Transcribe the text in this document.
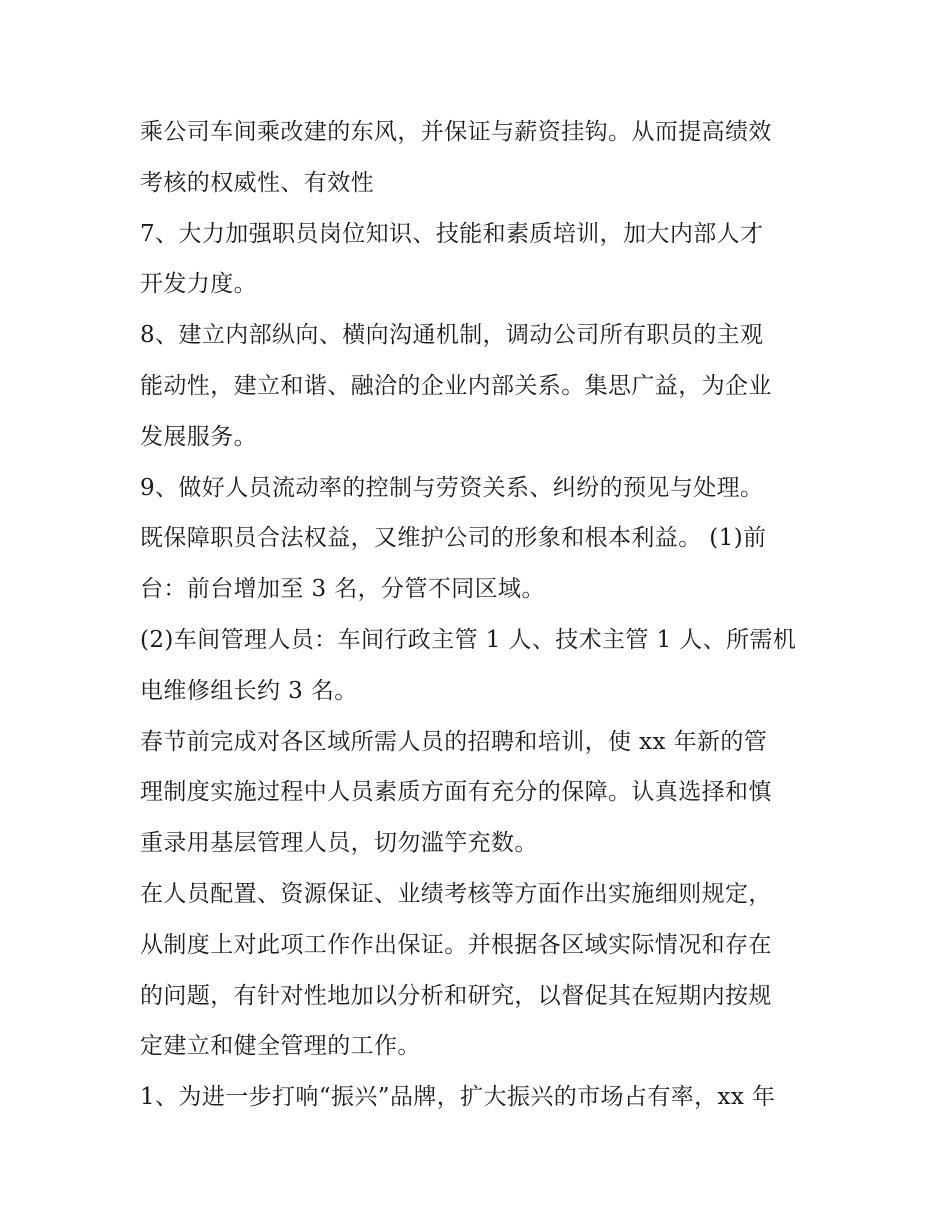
乘公司车间乘改建的东风，并保证与薪资挂钩。从而提高绩效
考核的权威性、有效性
7、大力加强职员岗位知识、技能和素质培训，加大内部人才
开发力度。
8、建立内部纵向、横向沟通机制，调动公司所有职员的主观
能动性，建立和谐、融洽的企业内部关系。集思广益，为企业
发展服务。
9、做好人员流动率的控制与劳资关系、纠纷的预见与处理。
既保障职员合法权益，又维护公司的形象和根本利益。 (1)前
台：前台增加至 3 名，分管不同区域。
(2)车间管理人员：车间行政主管 1 人、技术主管 1 人、所需机
电维修组长约 3 名。
春节前完成对各区域所需人员的招聘和培训，使 xx 年新的管
理制度实施过程中人员素质方面有充分的保障。认真选择和慎
重录用基层管理人员，切勿滥竽充数。
在人员配置、资源保证、业绩考核等方面作出实施细则规定，
从制度上对此项工作作出保证。并根据各区域实际情况和存在
的问题，有针对性地加以分析和研究，以督促其在短期内按规
定建立和健全管理的工作。
1、为进一步打响“振兴”品牌，扩大振兴的市场占有率，xx 年
